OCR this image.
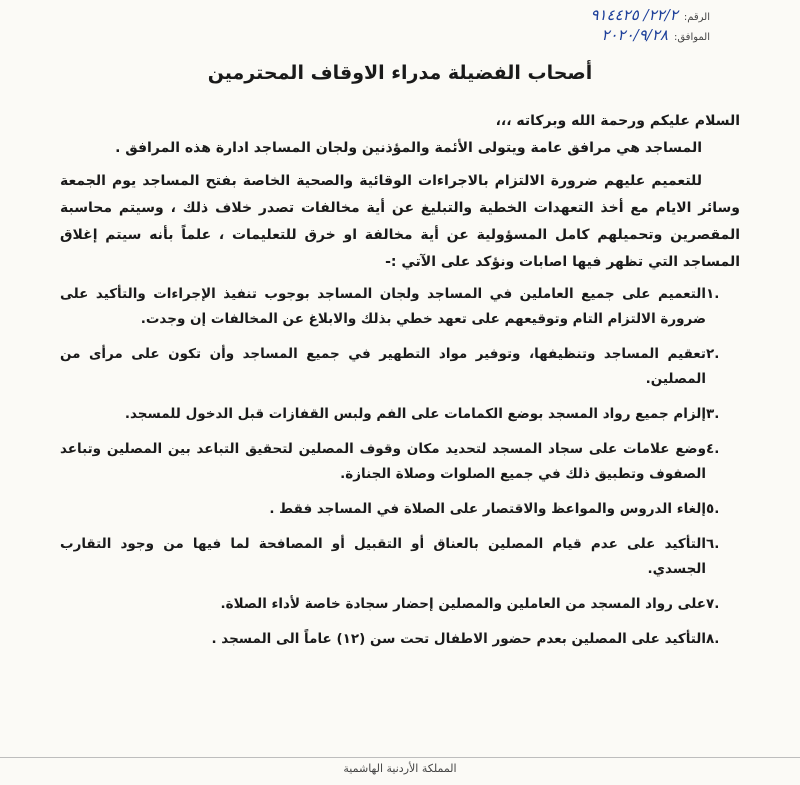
الرقم:
٢٢/٢/ ٩١٤٤٢٥
الموافق:
٢٠٢٠/٩/٢٨
أصحاب الفضيلة مدراء الاوقاف المحترمين

السلام عليكم ورحمة الله وبركاته ،،،

المساجد هي مرافق عامة ويتولى الأئمة والمؤذنين ولجان المساجد ادارة هذه المرافق .

للتعميم عليهم ضرورة الالتزام بالاجراءات الوقائية والصحية الخاصة بفتح المساجد يوم الجمعة وسائر الايام مع أخذ التعهدات الخطية والتبليغ عن أية مخالفات تصدر خلاف ذلك ، وسيتم محاسبة المقصرين وتحميلهم كامل المسؤولية عن أية مخالفة او خرق للتعليمات ، علماً بأنه سيتم إغلاق المساجد التي تظهر فيها اصابات ونؤكد على الآتي :-

.١
التعميم على جميع العاملين في المساجد ولجان المساجد بوجوب تنفيذ الإجراءات والتأكيد على ضرورة الالتزام التام وتوقيعهم على تعهد خطي بذلك والابلاغ عن المخالفات إن وجدت.
.٢
تعقيم المساجد وتنظيفها، وتوفير مواد التطهير في جميع المساجد وأن تكون على مرأى من المصلين.
.٣
إلزام جميع رواد المسجد بوضع الكمامات على الفم ولبس القفازات قبل الدخول للمسجد.
.٤
وضع علامات على سجاد المسجد لتحديد مكان وقوف المصلين لتحقيق التباعد بين المصلين وتباعد الصفوف وتطبيق ذلك في جميع الصلوات وصلاة الجنازة.
.٥
إلغاء الدروس والمواعظ والاقتصار على الصلاة في المساجد فقط .
.٦
التأكيد على عدم قيام المصلين بالعناق أو التقبيل أو المصافحة لما فيها من وجود التقارب الجسدي.
.٧
على رواد المسجد من العاملين والمصلين إحضار سجادة خاصة لأداء الصلاة.
.٨
التأكيد على المصلين بعدم حضور الاطفال تحت سن (١٢) عاماً الى المسجد .
المملكة الأردنية الهاشمية
